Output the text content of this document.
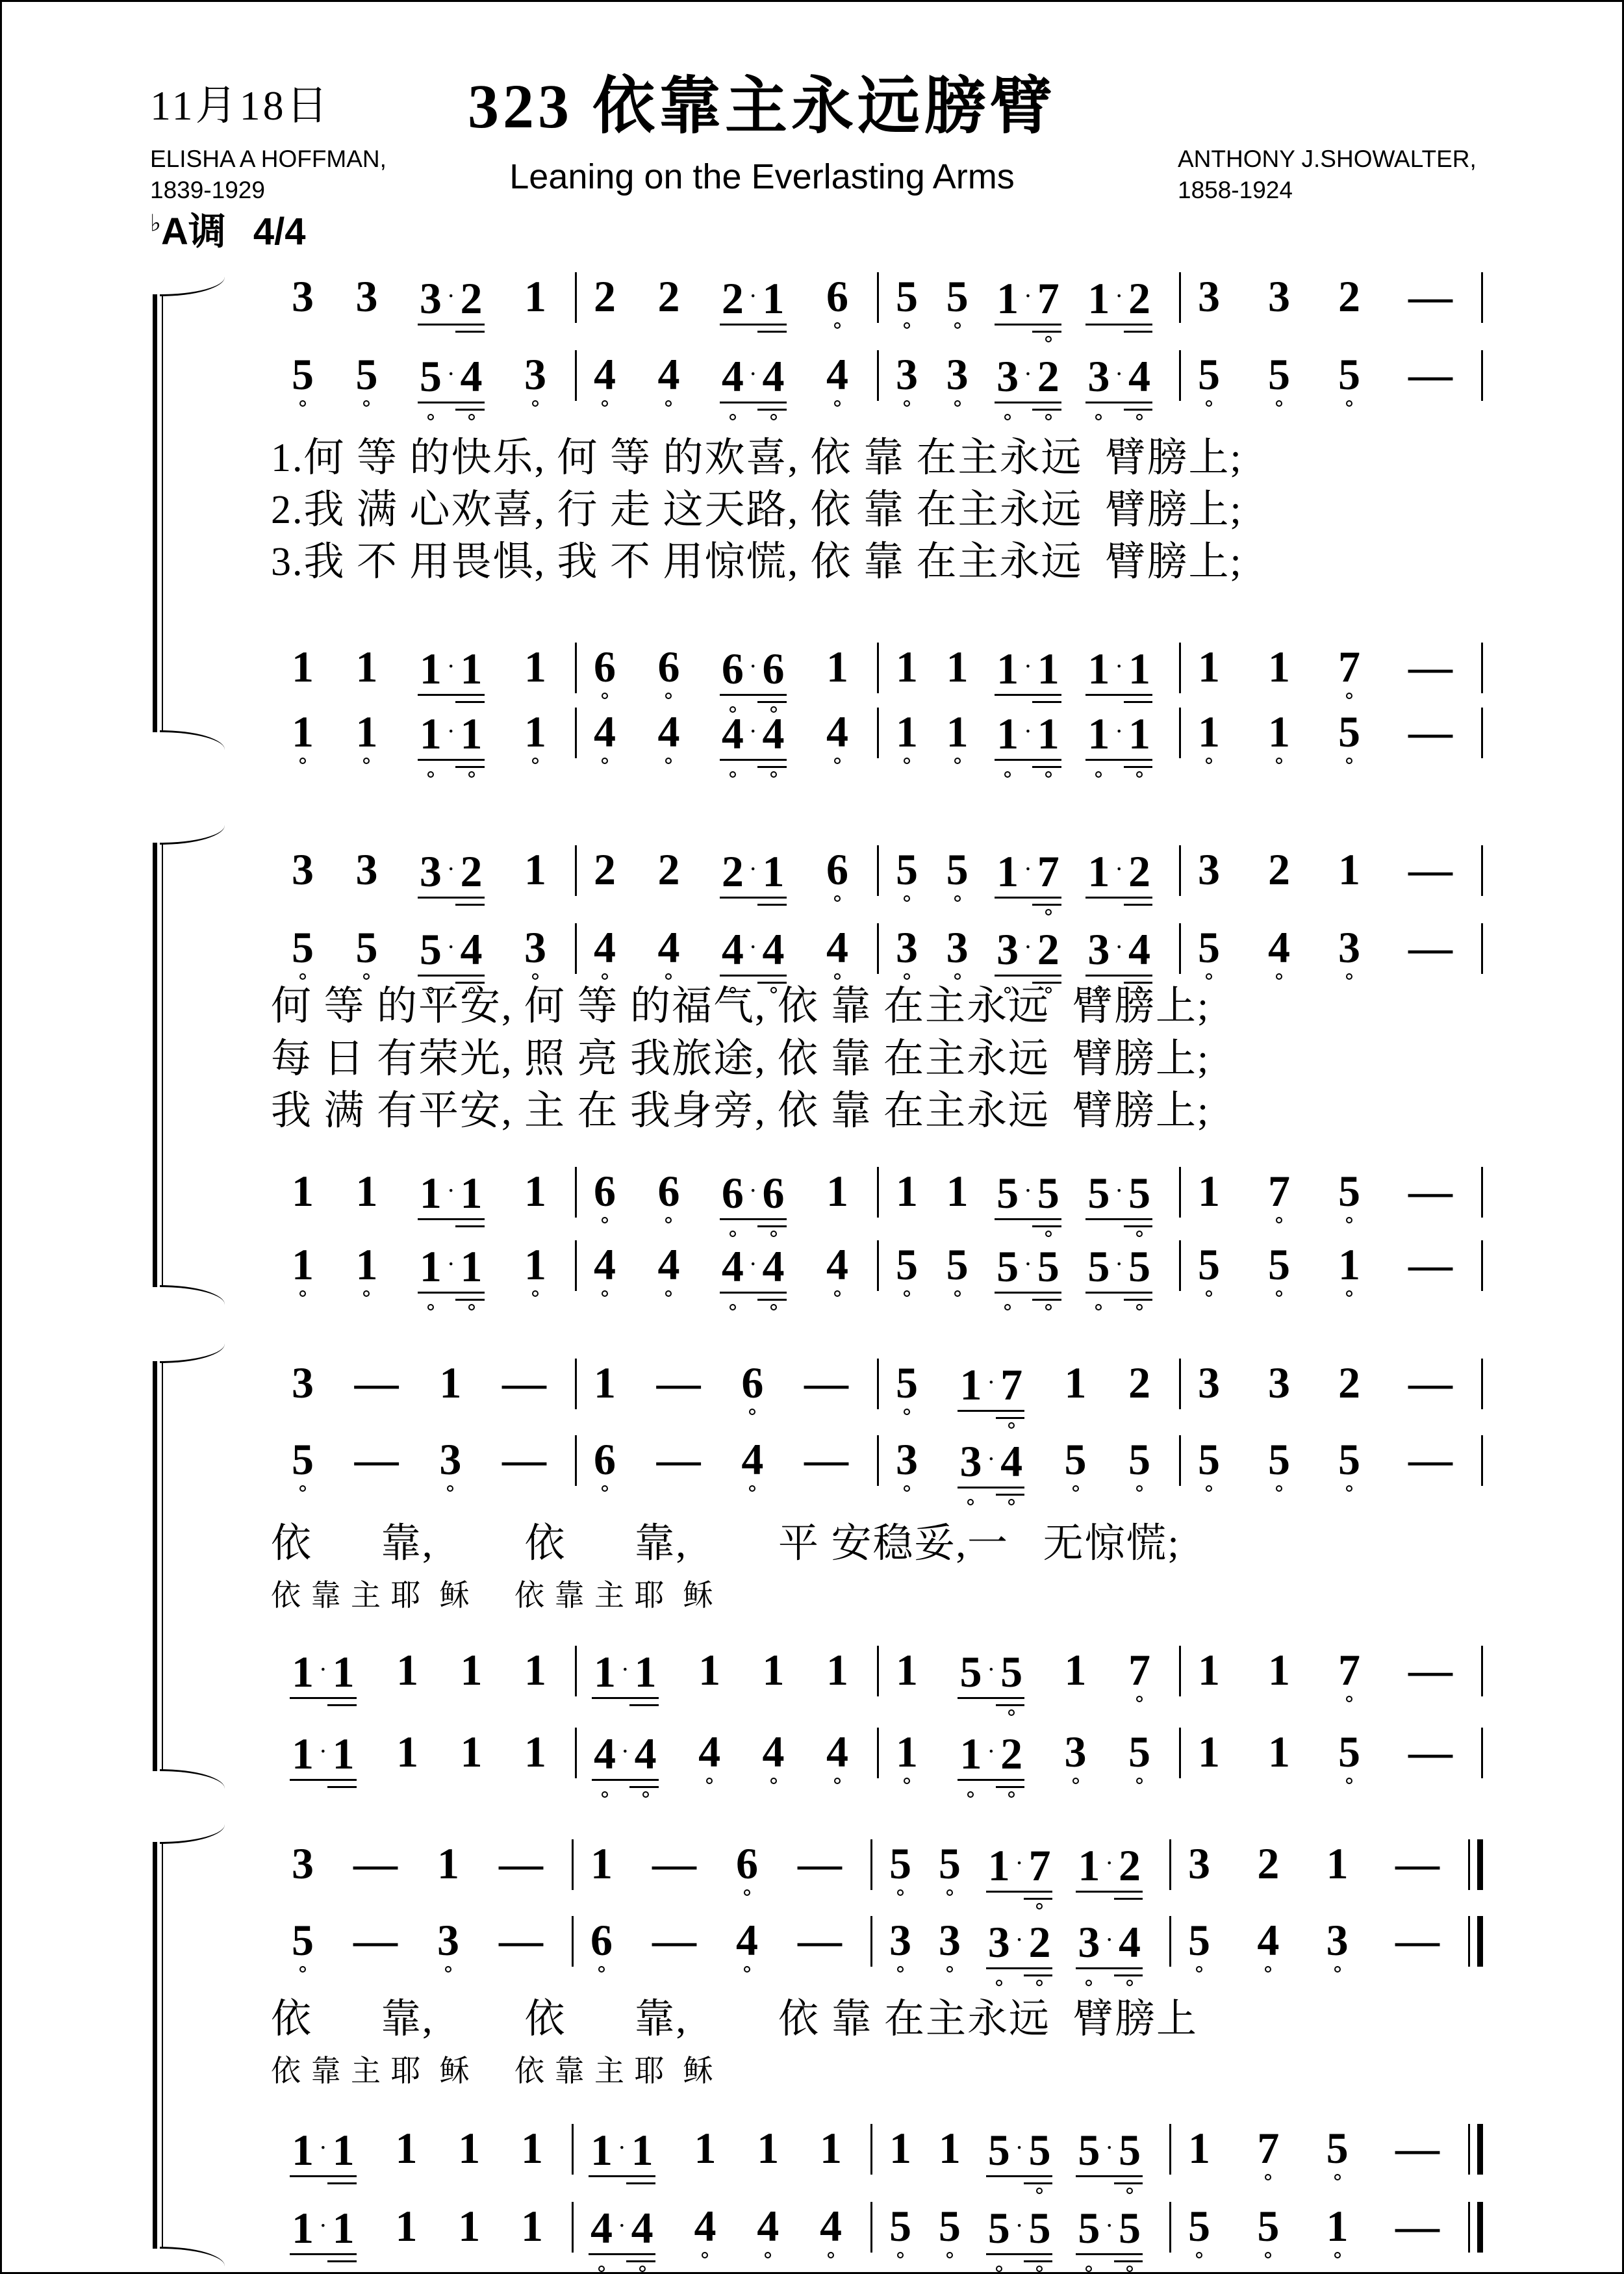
11月18日	323 依靠主永远膀臂
ELISHA A HOFFMAN,
1839-1929	Leaning on the Everlasting Arms	ANTHONY J.SHOWALTER,
1858-1924
♭A调 4/4
3 3 3 · 2 1 2 2 2 · 1 6 5 5 1 · 7 1 · 2 3 3 2 —
5 5 5 · 4 3 4 4 4 · 4 4 3 3 3 · 2 3 · 4 5 5 5 —
1.何 等 的快乐, 何 等 的欢喜, 依 靠 在主永远  臂膀上;
2.我 满 心欢喜, 行 走 这天路, 依 靠 在主永远  臂膀上;
3.我 不 用畏惧, 我 不 用惊慌, 依 靠 在主永远  臂膀上;
1 1 1 · 1 1 6 6 6 · 6 1 1 1 1 · 1 1 · 1 1 1 7 —
1 1 1 · 1 1 4 4 4 · 4 4 1 1 1 · 1 1 · 1 1 1 5 —
3 3 3 · 2 1 2 2 2 · 1 6 5 5 1 · 7 1 · 2 3 2 1 —
5 5 5 · 4 3 4 4 4 · 4 4 3 3 3 · 2 3 · 4 5 4 3 —
何 等 的平安, 何 等 的福气, 依 靠 在主永远  臂膀上;
每 日 有荣光, 照 亮 我旅途, 依 靠 在主永远  臂膀上;
我 满 有平安, 主 在 我身旁, 依 靠 在主永远  臂膀上;
1 1 1 · 1 1 6 6 6 · 6 1 1 1 5 · 5 5 · 5 1 7 5 —
1 1 1 · 1 1 4 4 4 · 4 4 5 5 5 · 5 5 · 5 5 5 1 —
3 — 1 — 1 — 6 — 5 1 · 7 1 2 3 3 2 —
5 — 3 — 6 — 4 — 3 3 · 4 5 5 5 5 5 —
依      靠,        依      靠,        平 安稳妥,一   无惊慌;
依 靠 主 耶  稣     依 靠 主 耶  稣
1 · 1 1 1 1 1 · 1 1 1 1 1 5 · 5 1 7 1 1 7 —
1 · 1 1 1 1 4 · 4 4 4 4 1 1 · 2 3 5 1 1 5 —
3 — 1 — 1 — 6 — 5 5 1 · 7 1 · 2 3 2 1 —
5 — 3 — 6 — 4 — 3 3 3 · 2 3 · 4 5 4 3 —
依      靠,        依      靠,        依 靠 在主永远  臂膀上
依 靠 主 耶  稣     依 靠 主 耶  稣
1 · 1 1 1 1 1 · 1 1 1 1 1 1 5 · 5 5 · 5 1 7 5 —
1 · 1 1 1 1 4 · 4 4 4 4 5 5 5 · 5 5 · 5 5 5 1 —
